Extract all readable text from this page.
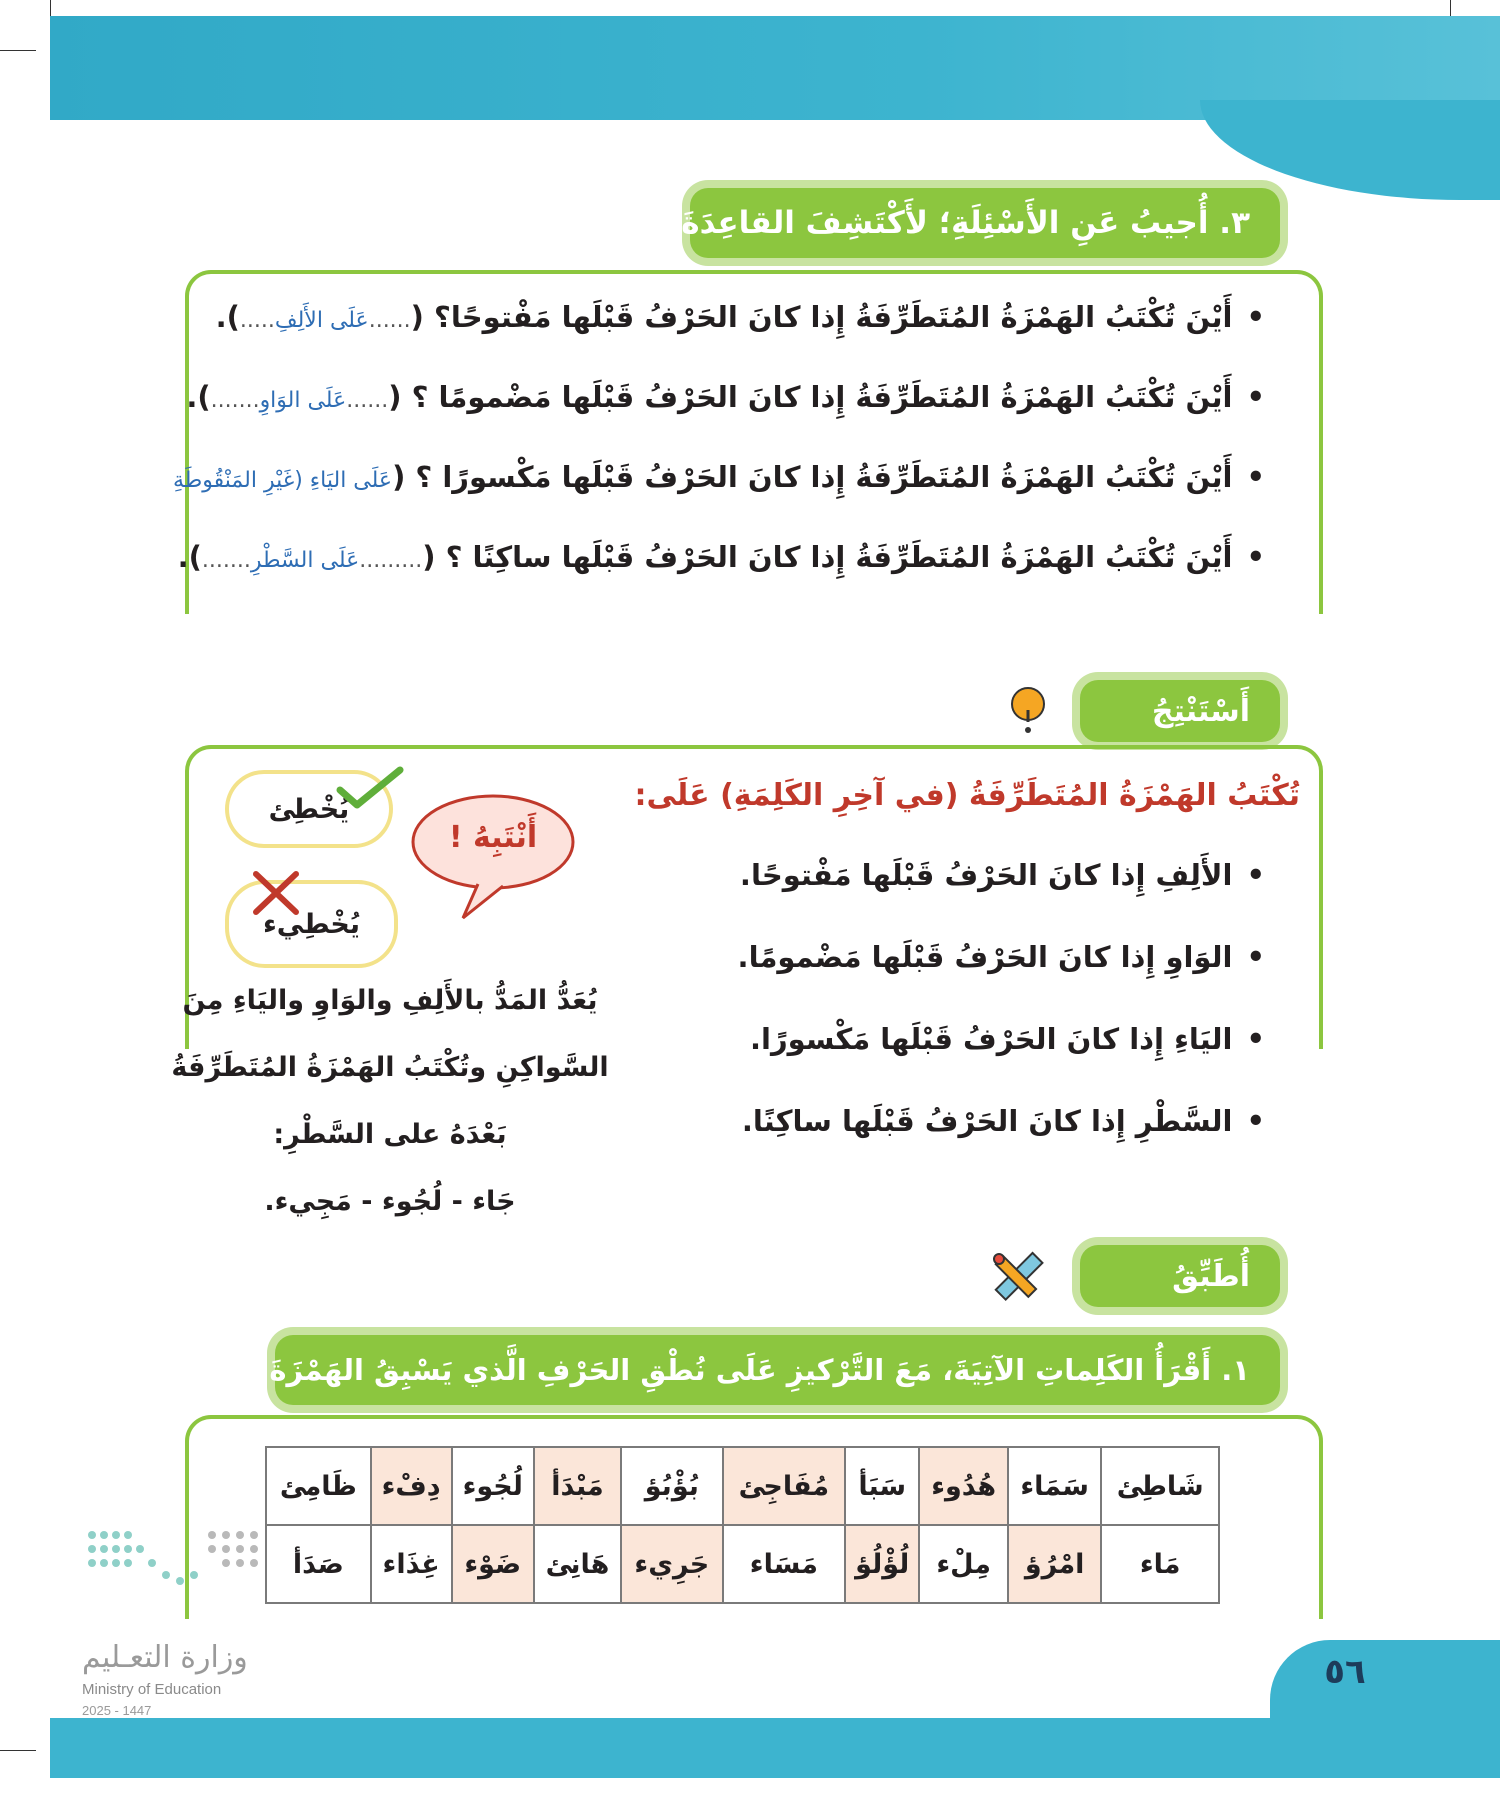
٣. أُجيبُ عَنِ الأَسْئِلَةِ؛ لأَكْتَشِفَ القاعِدَةَ:
•أَيْنَ تُكْتَبُ الهَمْزَةُ المُتَطَرِّفَةُ إِذا كانَ الحَرْفُ قَبْلَها مَفْتوحًا؟ (......عَلَى الأَلِفِ.....).
•أَيْنَ تُكْتَبُ الهَمْزَةُ المُتَطَرِّفَةُ إِذا كانَ الحَرْفُ قَبْلَها مَضْمومًا ؟ (......عَلَى الوَاوِ.......).
•أَيْنَ تُكْتَبُ الهَمْزَةُ المُتَطَرِّفَةُ إِذا كانَ الحَرْفُ قَبْلَها مَكْسورًا ؟ (عَلَى اليَاءِ (غَيْرِ المَنْقُوطَةِ
•أَيْنَ تُكْتَبُ الهَمْزَةُ المُتَطَرِّفَةُ إِذا كانَ الحَرْفُ قَبْلَها ساكِنًا ؟ (.........عَلَى السَّطْرِ.......).
أَسْتَنْتِجُ
تُكْتَبُ الهَمْزَةُ المُتَطَرِّفَةُ (في آخِرِ الكَلِمَةِ) عَلَى:
•الأَلِفِ إِذا كانَ الحَرْفُ قَبْلَها مَفْتوحًا.
•الوَاوِ إِذا كانَ الحَرْفُ قَبْلَها مَضْمومًا.
•اليَاءِ إِذا كانَ الحَرْفُ قَبْلَها مَكْسورًا.
•السَّطْرِ إِذا كانَ الحَرْفُ قَبْلَها ساكِنًا.
أَنْتَبِهُ !
يُخْطِئ
يُخْطِيء
يُعَدُّ المَدُّ بالأَلِفِ والوَاوِ واليَاءِ مِنَ
السَّواكِنِ وتُكْتَبُ الهَمْزَةُ المُتَطَرِّفَةُ
بَعْدَهُ على السَّطْرِ:
جَاء - لُجُوء - مَجِيء.
أُطَبِّقُ
١. أَقْرَأُ الكَلِماتِ الآتِيَةَ، مَعَ التَّرْكيزِ عَلَى نُطْقِ الحَرْفِ الَّذي يَسْبِقُ الهَمْزَةَ:
شَاطِئ	سَمَاء	هُدُوء	سَبَأ	مُفَاجِئ	بُؤْبُؤ	مَبْدَأ	لُجُوء	دِفْء	ظَامِئ
مَاء	امْرُؤ	مِلْء	لُؤْلُؤ	مَسَاء	جَرِيء	هَانِئ	ضَوْء	غِذَاء	صَدَأ
وزارة التعـليم
Ministry of Education
2025 - 1447
٥٦
